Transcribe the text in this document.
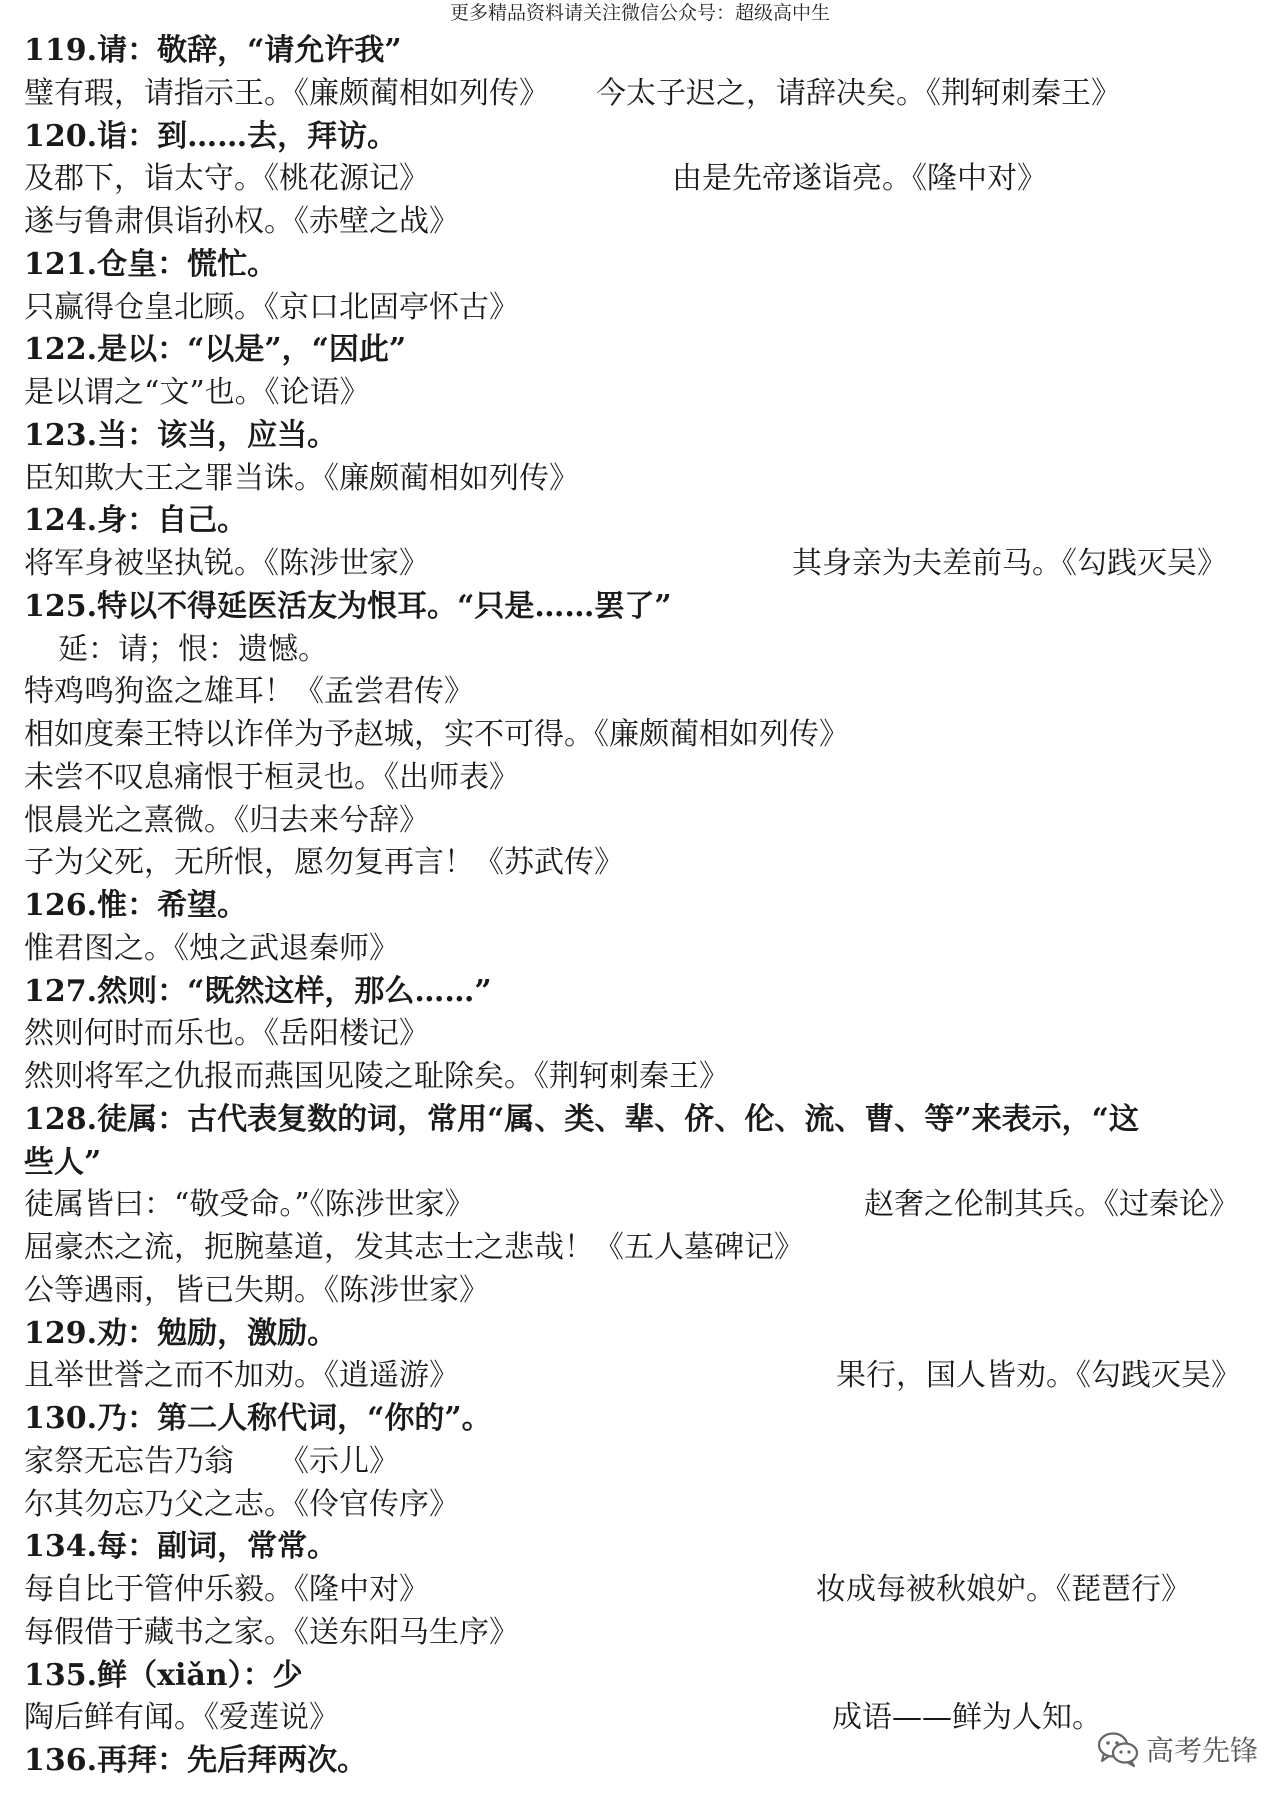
更多精品资料请关注微信公众号：超级高中生
119.请：敬辞，“请允许我”
璧有瑕，请指示王。《廉颇蔺相如列传》 今太子迟之，请辞决矣。《荆轲刺秦王》
120.诣：到……去，拜访。
及郡下，诣太守。《桃花源记》	由是先帝遂诣亮。《隆中对》
遂与鲁肃俱诣孙权。《赤壁之战》
121.仓皇：慌忙。
只赢得仓皇北顾。《京口北固亭怀古》
122.是以：“以是”，“因此”
是以谓之“文”也。《论语》
123.当：该当，应当。
臣知欺大王之罪当诛。《廉颇蔺相如列传》
124.身：自己。
将军身被坚执锐。《陈涉世家》	其身亲为夫差前马。《勾践灭吴》
125.特以不得延医活友为恨耳。“只是……罢了”
延：请；恨：遗憾。
特鸡鸣狗盗之雄耳！《孟尝君传》
相如度秦王特以诈佯为予赵城，实不可得。《廉颇蔺相如列传》
未尝不叹息痛恨于桓灵也。《出师表》
恨晨光之熹微。《归去来兮辞》
子为父死，无所恨，愿勿复再言！《苏武传》
126.惟：希望。
惟君图之。《烛之武退秦师》
127.然则：“既然这样，那么……”
然则何时而乐也。《岳阳楼记》
然则将军之仇报而燕国见陵之耻除矣。《荆轲刺秦王》
128.徒属：古代表复数的词，常用“属、类、辈、侪、伦、流、曹、等”来表示，“这
些人”
徒属皆曰：“敬受命。”《陈涉世家》	赵奢之伦制其兵。《过秦论》
屈豪杰之流，扼腕墓道，发其志士之悲哉！《五人墓碑记》
公等遇雨，皆已失期。《陈涉世家》
129.劝：勉励，激励。
且举世誉之而不加劝。《逍遥游》	果行，国人皆劝。《勾践灭吴》
130.乃：第二人称代词，“你的”。
家祭无忘告乃翁　　《示儿》
尔其勿忘乃父之志。《伶官传序》
134.每：副词，常常。
每自比于管仲乐毅。《隆中对》	妆成每被秋娘妒。《琵琶行》
每假借于藏书之家。《送东阳马生序》
135.鲜（xiǎn）：少
陶后鲜有闻。《爱莲说》	成语——鲜为人知。
136.再拜：先后拜两次。	高考先锋
